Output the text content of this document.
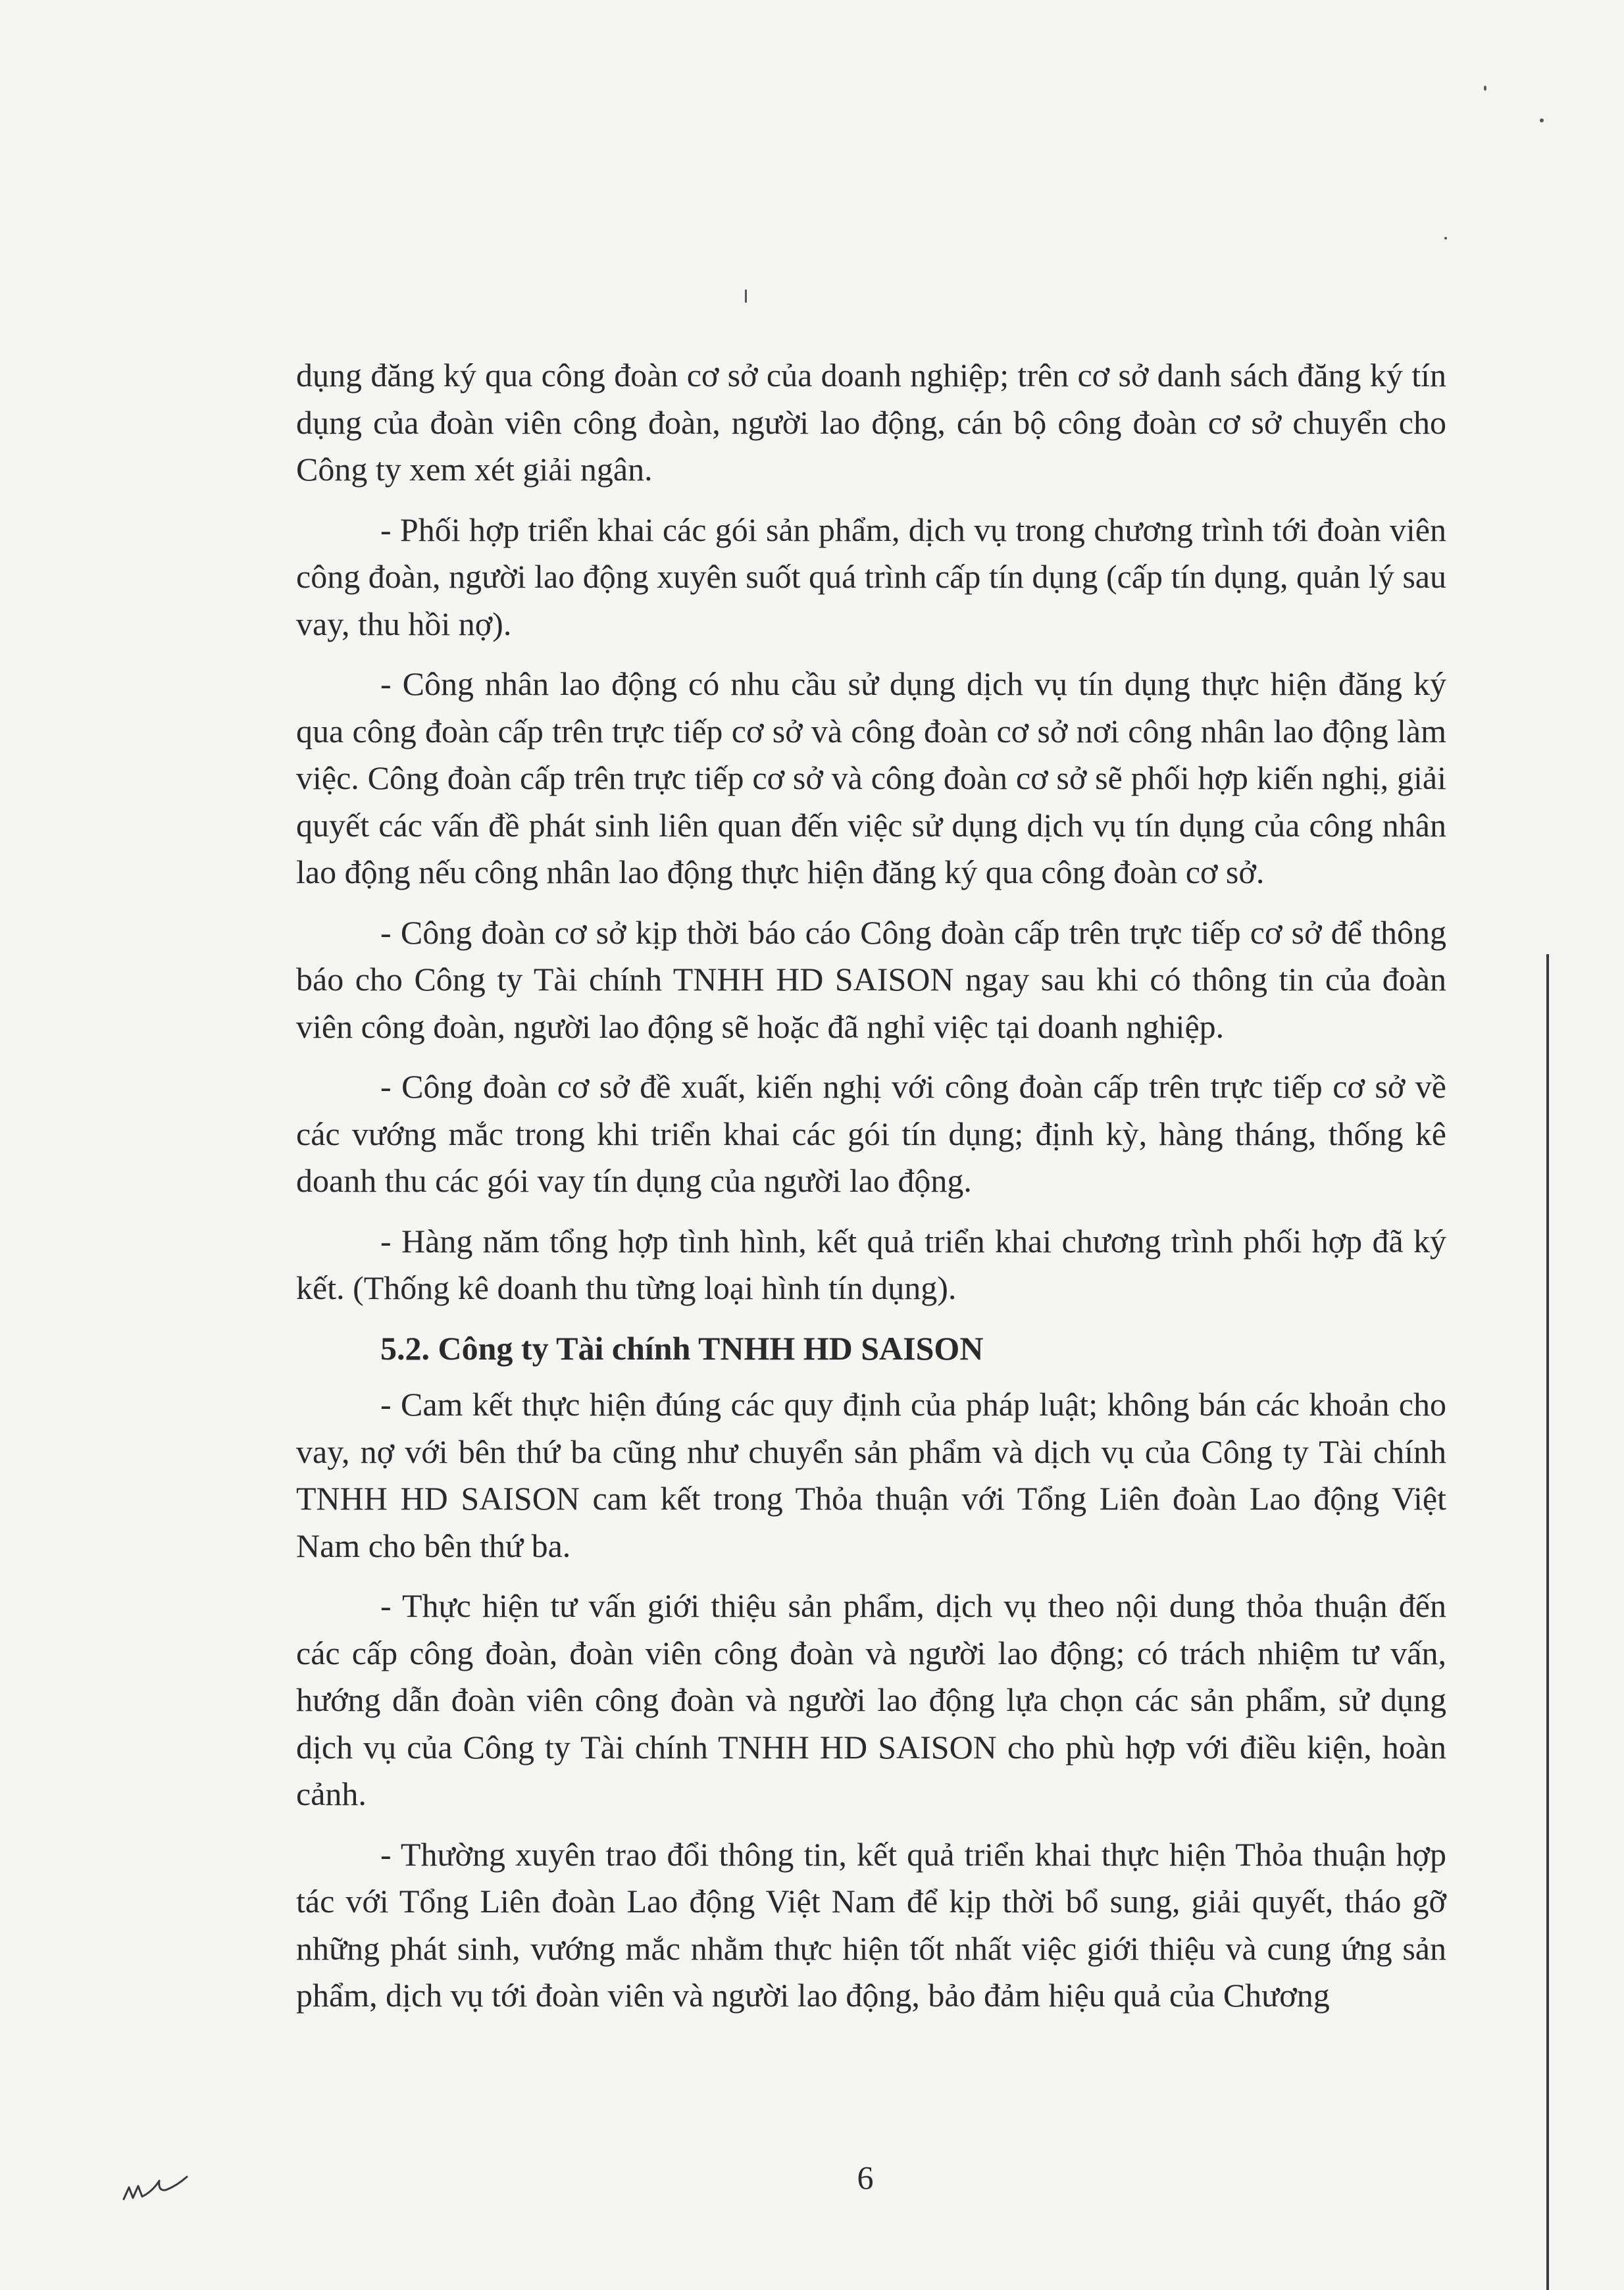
dụng đăng ký qua công đoàn cơ sở của doanh nghiệp; trên cơ sở danh sách đăng ký tín dụng của đoàn viên công đoàn, người lao động, cán bộ công đoàn cơ sở chuyển cho Công ty xem xét giải ngân.

- Phối hợp triển khai các gói sản phẩm, dịch vụ trong chương trình tới đoàn viên công đoàn, người lao động xuyên suốt quá trình cấp tín dụng (cấp tín dụng, quản lý sau vay, thu hồi nợ).

- Công nhân lao động có nhu cầu sử dụng dịch vụ tín dụng thực hiện đăng ký qua công đoàn cấp trên trực tiếp cơ sở và công đoàn cơ sở nơi công nhân lao động làm việc. Công đoàn cấp trên trực tiếp cơ sở và công đoàn cơ sở sẽ phối hợp kiến nghị, giải quyết các vấn đề phát sinh liên quan đến việc sử dụng dịch vụ tín dụng của công nhân lao động nếu công nhân lao động thực hiện đăng ký qua công đoàn cơ sở.

- Công đoàn cơ sở kịp thời báo cáo Công đoàn cấp trên trực tiếp cơ sở để thông báo cho Công ty Tài chính TNHH HD SAISON ngay sau khi có thông tin của đoàn viên công đoàn, người lao động sẽ hoặc đã nghỉ việc tại doanh nghiệp.

- Công đoàn cơ sở đề xuất, kiến nghị với công đoàn cấp trên trực tiếp cơ sở về các vướng mắc trong khi triển khai các gói tín dụng; định kỳ, hàng tháng, thống kê doanh thu các gói vay tín dụng của người lao động.

- Hàng năm tổng hợp tình hình, kết quả triển khai chương trình phối hợp đã ký kết. (Thống kê doanh thu từng loại hình tín dụng).

5.2. Công ty Tài chính TNHH HD SAISON

- Cam kết thực hiện đúng các quy định của pháp luật; không bán các khoản cho vay, nợ với bên thứ ba cũng như chuyển sản phẩm và dịch vụ của Công ty Tài chính TNHH HD SAISON cam kết trong Thỏa thuận với Tổng Liên đoàn Lao động Việt Nam cho bên thứ ba.

- Thực hiện tư vấn giới thiệu sản phẩm, dịch vụ theo nội dung thỏa thuận đến các cấp công đoàn, đoàn viên công đoàn và người lao động; có trách nhiệm tư vấn, hướng dẫn đoàn viên công đoàn và người lao động lựa chọn các sản phẩm, sử dụng dịch vụ của Công ty Tài chính TNHH HD SAISON cho phù hợp với điều kiện, hoàn cảnh.

- Thường xuyên trao đổi thông tin, kết quả triển khai thực hiện Thỏa thuận hợp tác với Tổng Liên đoàn Lao động Việt Nam để kịp thời bổ sung, giải quyết, tháo gỡ những phát sinh, vướng mắc nhằm thực hiện tốt nhất việc giới thiệu và cung ứng sản phẩm, dịch vụ tới đoàn viên và người lao động, bảo đảm hiệu quả của Chương

6
